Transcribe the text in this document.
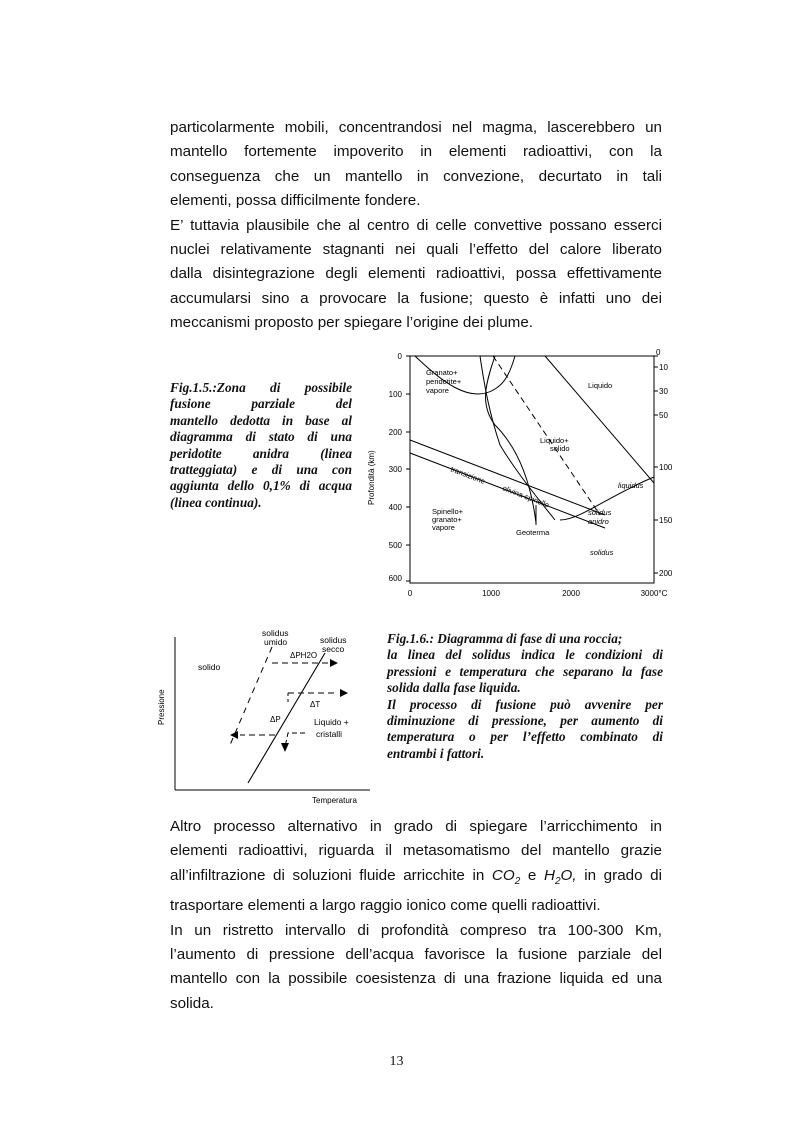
particolarmente mobili, concentrandosi nel magma, lascerebbero un
mantello fortemente impoverito in elementi radioattivi, con la
conseguenza che un mantello in convezione, decurtato in tali
elementi, possa difficilmente fondere.
E’ tuttavia plausibile che al centro di celle convettive possano esserci
nuclei relativamente stagnanti nei quali l’effetto del calore liberato
dalla disintegrazione degli elementi radioattivi, possa effettivamente
accumularsi sino a provocare la fusione; questo è infatti uno dei
meccanismi proposto per spiegare l’origine dei plume.
Fig.1.5.:Zona di possibile
fusione parziale del
mantello dedotta in base al
diagramma di stato di una
peridotite anidra (linea
tratteggiata) e di una con
aggiunta dello 0,1% di acqua
(linea continua).
0
100
200
300
400
500
600
Profondità (km)
0
10
30
50
100
150
200
0	1000	2000	3000°C
Granato+
peridotite+
vapore
Liquido
Liquido+
solido
transizione
olivina-spinello	liquidus
Spinello+
granato+
vapore
solidus
anidro
Geoterma
solidus
solidus
umido	solidus
secco
solido
ΔPH2O
ΔT
ΔP	Liquido +
cristalli
Pressione
Temperatura
Fig.1.6.: Diagramma di fase di una roccia;
la linea del solidus indica le condizioni di
pressioni e temperatura che separano la fase
solida dalla fase liquida.
Il processo di fusione può avvenire per
diminuzione di pressione, per aumento di
temperatura o per l’effetto combinato di
entrambi i fattori.
Altro processo alternativo in grado di spiegare l’arricchimento in
elementi radioattivi, riguarda il metasomatismo del mantello grazie
all’infiltrazione di soluzioni fluide arricchite in $CO_2$ e $H_2O$, in grado di
trasportare elementi a largo raggio ionico come quelli radioattivi.
In un ristretto intervallo di profondità compreso tra 100-300 Km,
l’aumento di pressione dell’acqua favorisce la fusione parziale del
mantello con la possibile coesistenza di una frazione liquida ed una
solida.
13
